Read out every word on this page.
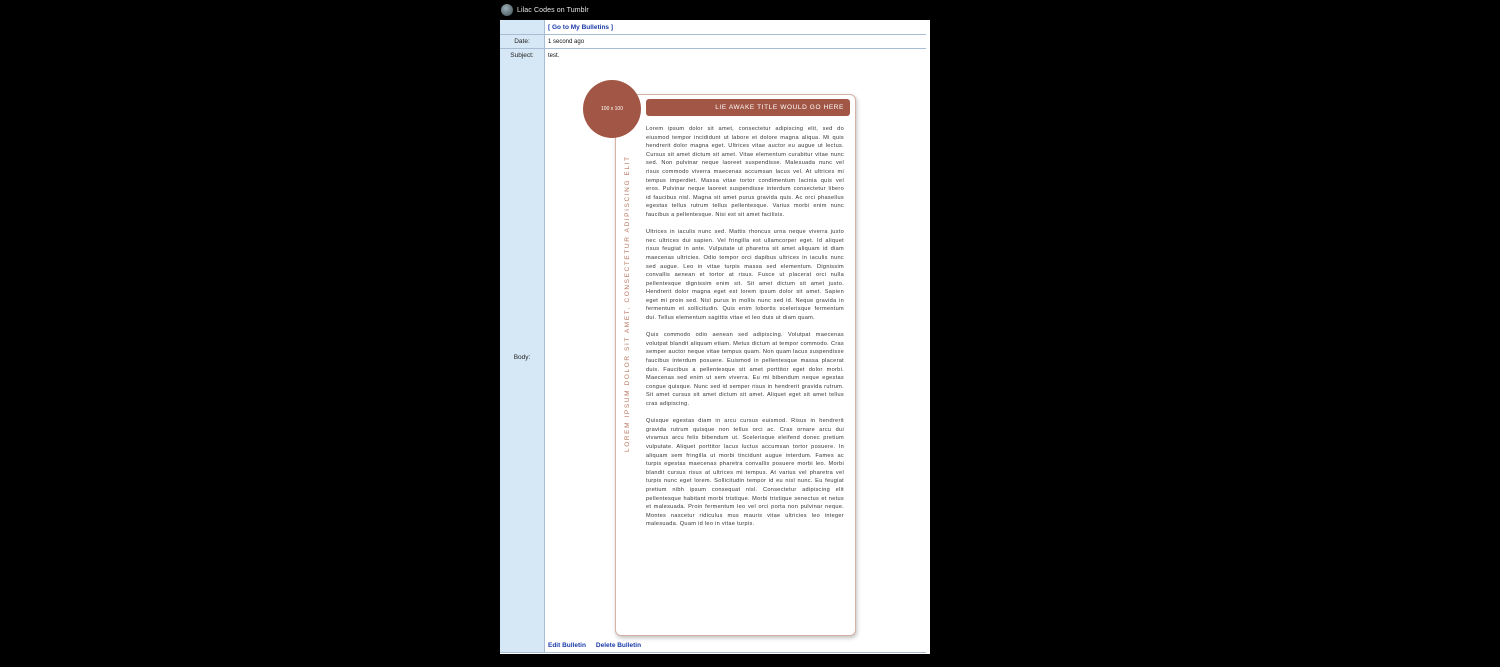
Lilac Codes on Tumblr
[ Go to My Bulletins ]
Date:	1 second ago
Subject:	test.
Body:
LIE AWAKE TITLE WOULD GO HERE
LOREM IPSUM DOLOR SIT AMET, CONSECTETUR ADIPISCING ELIT

Lorem ipsum dolor sit amet, consectetur adipiscing elit, sed do eiusmod tempor incididunt ut labore et dolore magna aliqua. Mi quis hendrerit dolor magna eget. Ultrices vitae auctor eu augue ut lectus. Cursus sit amet dictum sit amet. Vitae elementum curabitur vitae nunc sed. Non pulvinar neque laoreet suspendisse. Malesuada nunc vel risus commodo viverra maecenas accumsan lacus vel. At ultrices mi tempus imperdiet. Massa vitae tortor condimentum lacinia quis vel eros. Pulvinar neque laoreet suspendisse interdum consectetur libero id faucibus nisl. Magna sit amet purus gravida quis. Ac orci phasellus egestas tellus rutrum tellus pellentesque. Varius morbi enim nunc faucibus a pellentesque. Nisi est sit amet facilisis.

Ultrices in iaculis nunc sed. Mattis rhoncus urna neque viverra justo nec ultrices dui sapien. Vel fringilla est ullamcorper eget. Id aliquet risus feugiat in ante. Vulputate ut pharetra sit amet aliquam id diam maecenas ultricies. Odio tempor orci dapibus ultrices in iaculis nunc sed augue. Leo in vitae turpis massa sed elementum. Dignissim convallis aenean et tortor at risus. Fusce ut placerat orci nulla pellentesque dignissim enim sit. Sit amet dictum sit amet justo. Hendrerit dolor magna eget est lorem ipsum dolor sit amet. Sapien eget mi proin sed. Nisl purus in mollis nunc sed id. Neque gravida in fermentum et sollicitudin. Quis enim lobortis scelerisque fermentum dui. Tellus elementum sagittis vitae et leo duis ut diam quam.

Quis commodo odio aenean sed adipiscing. Volutpat maecenas volutpat blandit aliquam etiam. Metus dictum at tempor commodo. Cras semper auctor neque vitae tempus quam. Non quam lacus suspendisse faucibus interdum posuere. Euismod in pellentesque massa placerat duis. Faucibus a pellentesque sit amet porttitor eget dolor morbi. Maecenas sed enim ut sem viverra. Eu mi bibendum neque egestas congue quisque. Nunc sed id semper risus in hendrerit gravida rutrum. Sit amet cursus sit amet dictum sit amet. Aliquet eget sit amet tellus cras adipiscing.

Quisque egestas diam in arcu cursus euismod. Risus in hendrerit gravida rutrum quisque non tellus orci ac. Cras ornare arcu dui vivamus arcu felis bibendum ut. Scelerisque eleifend donec pretium vulputate. Aliquet porttitor lacus luctus accumsan tortor posuere. In aliquam sem fringilla ut morbi tincidunt augue interdum. Fames ac turpis egestas maecenas pharetra convallis posuere morbi leo. Morbi blandit cursus risus at ultrices mi tempus. At varius vel pharetra vel turpis nunc eget lorem. Sollicitudin tempor id eu nisl nunc. Eu feugiat pretium nibh ipsum consequat nisl. Consectetur adipiscing elit pellentesque habitant morbi tristique. Morbi tristique senectus et netus et malesuada. Proin fermentum leo vel orci porta non pulvinar neque. Montes nascetur ridiculus mus mauris vitae ultricies leo integer malesuada. Quam id leo in vitae turpis.

100 x 100
Edit Bulletin Delete Bulletin
